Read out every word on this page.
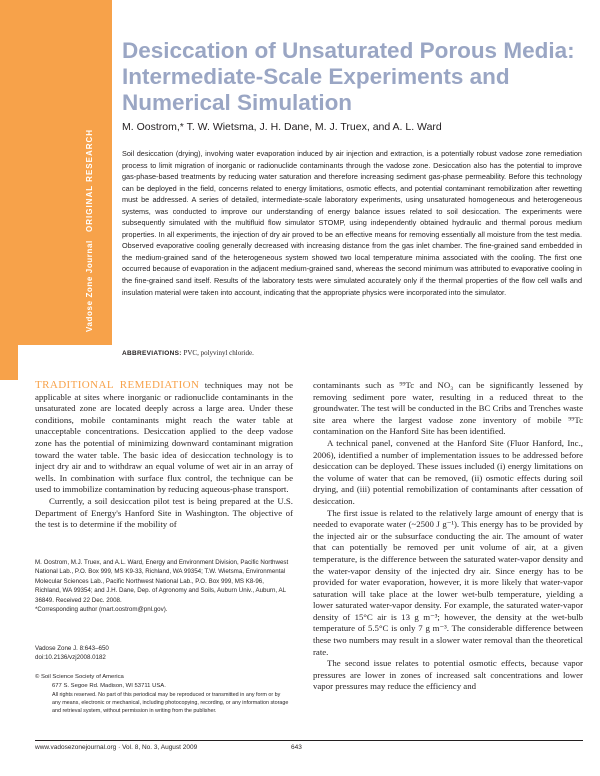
Vadose Zone Journal
ORIGINAL RESEARCH
Desiccation of Unsaturated Porous Media:
Intermediate-Scale Experiments and
Numerical Simulation
M. Oostrom,* T. W. Wietsma, J. H. Dane, M. J. Truex, and A. L. Ward

Soil desiccation (drying), involving water evaporation induced by air injection and extraction, is a potentially robust vadose zone remediation process to limit migration of inorganic or radionuclide contaminants through the vadose zone. Desiccation also has the potential to improve gas-phase-based treatments by reducing water saturation and therefore increasing sediment gas-phase permeability. Before this technology can be deployed in the field, concerns related to energy limitations, osmotic effects, and potential contaminant remobilization after rewetting must be addressed. A series of detailed, intermediate-scale laboratory experiments, using unsaturated homogeneous and heterogeneous systems, was conducted to improve our understanding of energy balance issues related to soil desiccation. The experiments were subsequently simulated with the multifluid flow simulator STOMP, using independently obtained hydraulic and thermal porous medium properties. In all experiments, the injection of dry air proved to be an effective means for removing essentially all moisture from the test media. Observed evaporative cooling generally decreased with increasing distance from the gas inlet chamber. The fine-grained sand embedded in the medium-grained sand of the heterogeneous system showed two local temperature minima associated with the cooling. The first one occurred because of evaporation in the adjacent medium-grained sand, whereas the second minimum was attributed to evaporative cooling in the fine-grained sand itself. Results of the laboratory tests were simulated accurately only if the thermal properties of the flow cell walls and insulation material were taken into account, indicating that the appropriate physics were incorporated into the simulator.

ABBREVIATIONS: PVC, polyvinyl chloride.

TRADITIONAL REMEDIATION techniques may not be applicable at sites where inorganic or radionuclide contaminants in the unsaturated zone are located deeply across a large area. Under these conditions, mobile contaminants might reach the water table at unacceptable concentrations. Desiccation applied to the deep vadose zone has the potential of minimizing downward contaminant migration toward the water table. The basic idea of desiccation technology is to inject dry air and to withdraw an equal volume of wet air in an array of wells. In combination with surface flux control, the technique can be used to immobilize contamination by reducing aqueous-phase transport.

Currently, a soil desiccation pilot test is being prepared at the U.S. Department of Energy's Hanford Site in Washington. The objective of the test is to determine if the mobility of

M. Oostrom, M.J. Truex, and A.L. Ward, Energy and Environment Division, Pacific Northwest National Lab., P.O. Box 999, MS K9-33, Richland, WA 99354; T.W. Wietsma, Environmental Molecular Sciences Lab., Pacific Northwest National Lab., P.O. Box 999, MS K8-96, Richland, WA 99354; and J.H. Dane, Dep. of Agronomy and Soils, Auburn Univ., Auburn, AL 36849. Received 22 Dec. 2008.

*Corresponding author (mart.oostrom@pnl.gov).

Vadose Zone J. 8:643–650

doi:10.2136/vzj2008.0182

© Soil Science Society of America

677 S. Segoe Rd. Madison, WI 53711 USA.

All rights reserved. No part of this periodical may be reproduced or transmitted in any form or by any means, electronic or mechanical, including photocopying, recording, or any information storage and retrieval system, without permission in writing from the publisher.

contaminants such as ⁹⁹Tc and NO₃ can be significantly lessened by removing sediment pore water, resulting in a reduced threat to the groundwater. The test will be conducted in the BC Cribs and Trenches waste site area where the largest vadose zone inventory of mobile ⁹⁹Tc contamination on the Hanford Site has been identified.

A technical panel, convened at the Hanford Site (Fluor Hanford, Inc., 2006), identified a number of implementation issues to be addressed before desiccation can be deployed. These issues included (i) energy limitations on the volume of water that can be removed, (ii) osmotic effects during soil drying, and (iii) potential remobilization of contaminants after cessation of desiccation.

The first issue is related to the relatively large amount of energy that is needed to evaporate water (~2500 J g⁻¹). This energy has to be provided by the injected air or the subsurface conducting the air. The amount of water that can potentially be removed per unit volume of air, at a given temperature, is the difference between the saturated water-vapor density and the water-vapor density of the injected dry air. Since energy has to be provided for water evaporation, however, it is more likely that water-vapor saturation will take place at the lower wet-bulb temperature, yielding a lower saturated water-vapor density. For example, the saturated water-vapor density of 15°C air is 13 g m⁻³; however, the density at the wet-bulb temperature of 5.5°C is only 7 g m⁻³. The considerable difference between these two numbers may result in a slower water removal than the theoretical rate.

The second issue relates to potential osmotic effects, because vapor pressures are lower in zones of increased salt concentrations and lower vapor pressures may reduce the efficiency and

www.vadosezonejournal.org · Vol. 8, No. 3, August 2009	643
